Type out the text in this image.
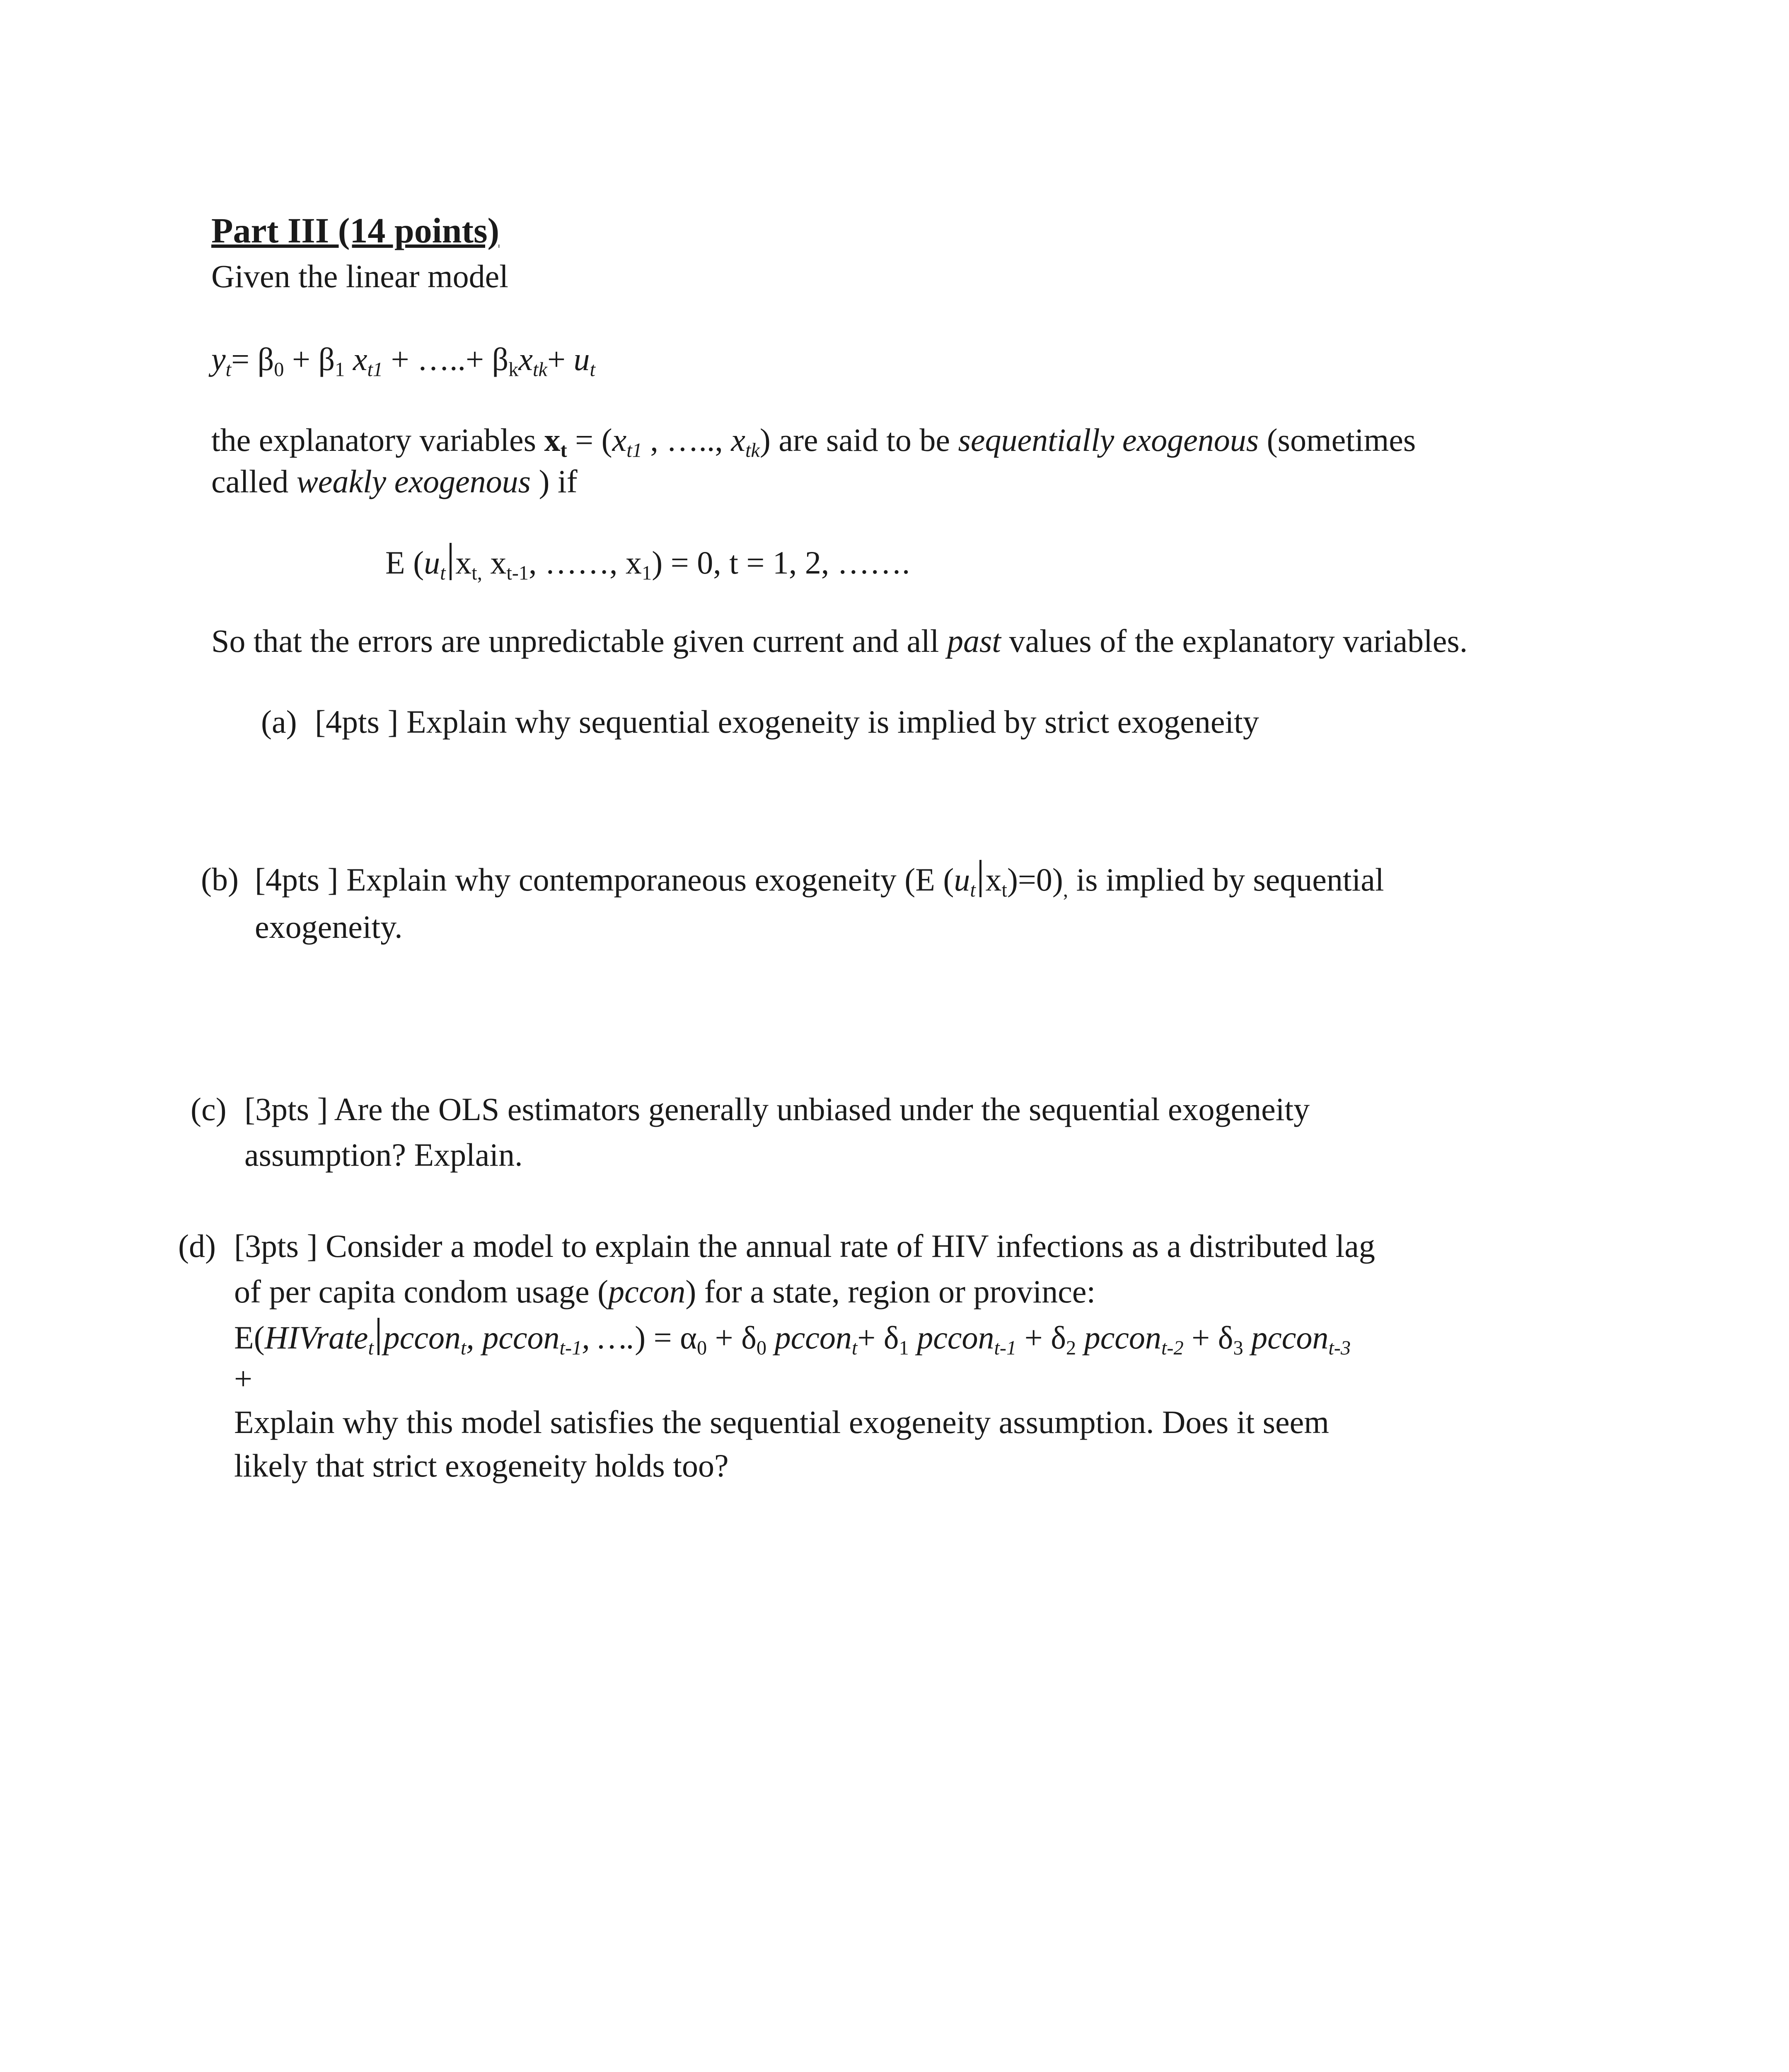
Part III (14 points)
Given the linear model
$y_t= \beta_0 + \beta_1$ $x_{t1}$ + …..+ $\beta_kx_{tk}+ u_t$
the explanatory variables $x_t = (x_{t1}$ , ….., $x_{tk}$) are said to be sequentially exogenous (sometimes
called weakly exogenous ) if
E ($u_t$ $x_{t,}$ $x_{t-1}$, ……, $x_1) = 0$, t = 1, 2, …….
So that the errors are unpredictable given current and all past values of the explanatory variables.
(a) [4pts ] Explain why sequential exogeneity is implied by strict exogeneity
(b) [4pts ] Explain why contemporaneous exogeneity (E ($u_t$ $x_t)=0)_,$ is implied by sequential
exogeneity.
(c) [3pts ] Are the OLS estimators generally unbiased under the sequential exogeneity
assumption? Explain.
(d) [3pts ] Consider a model to explain the annual rate of HIV infections as a distributed lag
of per capita condom usage (pccon) for a state, region or province:
E(HIVrate$_t$ pccon$_t$, pccon$_{t-1}$, ….) = $\alpha_0 + \delta_0$ pccon$_t$+ $\delta_1$ pccon$_{t-1}$ + $\delta_2$ pccon$_{t-2}$ + $\delta_3$ pccon$_{t-3}$
+
Explain why this model satisfies the sequential exogeneity assumption. Does it seem
likely that strict exogeneity holds too?
